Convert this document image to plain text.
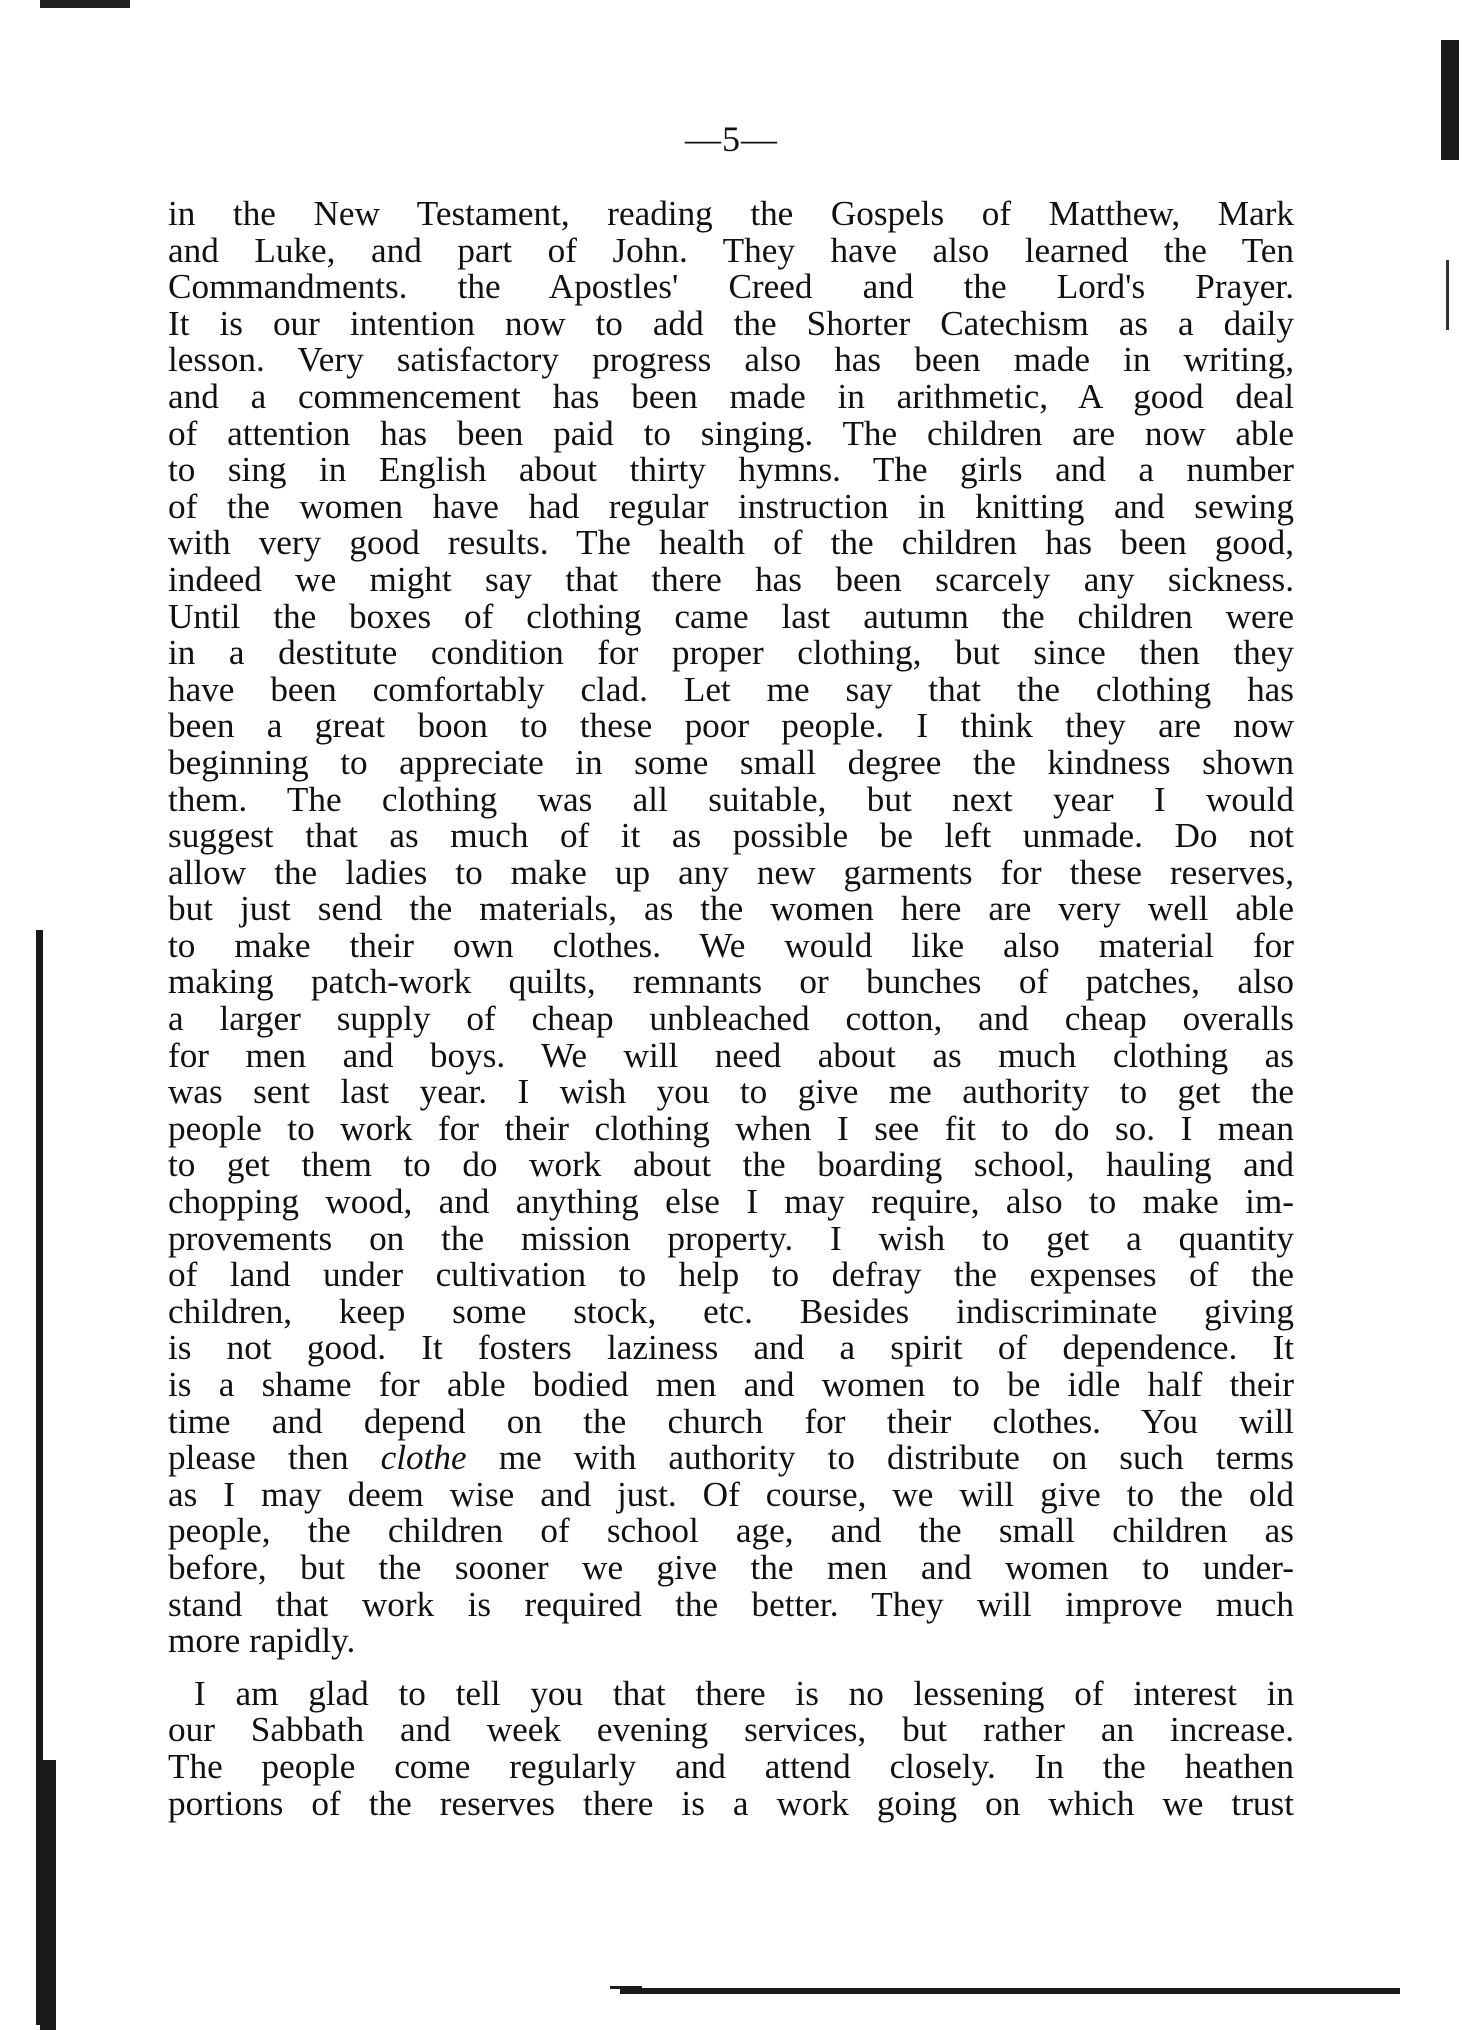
—5—
in the New Testament, reading the Gospels of Matthew, Mark
and Luke, and part of John. They have also learned the Ten
Commandments. the Apostles' Creed and the Lord's Prayer.
It is our intention now to add the Shorter Catechism as a daily
lesson. Very satisfactory progress also has been made in writing,
and a commencement has been made in arithmetic, A good deal
of attention has been paid to singing. The children are now able
to sing in English about thirty hymns. The girls and a number
of the women have had regular instruction in knitting and sewing
with very good results. The health of the children has been good,
indeed we might say that there has been scarcely any sickness.
Until the boxes of clothing came last autumn the children were
in a destitute condition for proper clothing, but since then they
have been comfortably clad. Let me say that the clothing has
been a great boon to these poor people. I think they are now
beginning to appreciate in some small degree the kindness shown
them. The clothing was all suitable, but next year I would
suggest that as much of it as possible be left unmade. Do not
allow the ladies to make up any new garments for these reserves,
but just send the materials, as the women here are very well able
to make their own clothes. We would like also material for
making patch-work quilts, remnants or bunches of patches, also
a larger supply of cheap unbleached cotton, and cheap overalls
for men and boys. We will need about as much clothing as
was sent last year. I wish you to give me authority to get the
people to work for their clothing when I see fit to do so. I mean
to get them to do work about the boarding school, hauling and
chopping wood, and anything else I may require, also to make im-
provements on the mission property. I wish to get a quantity
of land under cultivation to help to defray the expenses of the
children, keep some stock, etc. Besides indiscriminate giving
is not good. It fosters laziness and a spirit of dependence. It
is a shame for able bodied men and women to be idle half their
time and depend on the church for their clothes. You will
please then clothe me with authority to distribute on such terms
as I may deem wise and just. Of course, we will give to the old
people, the children of school age, and the small children as
before, but the sooner we give the men and women to under-
stand that work is required the better. They will improve much
more rapidly.
I am glad to tell you that there is no lessening of interest in
our Sabbath and week evening services, but rather an increase.
The people come regularly and attend closely. In the heathen
portions of the reserves there is a work going on which we trust
